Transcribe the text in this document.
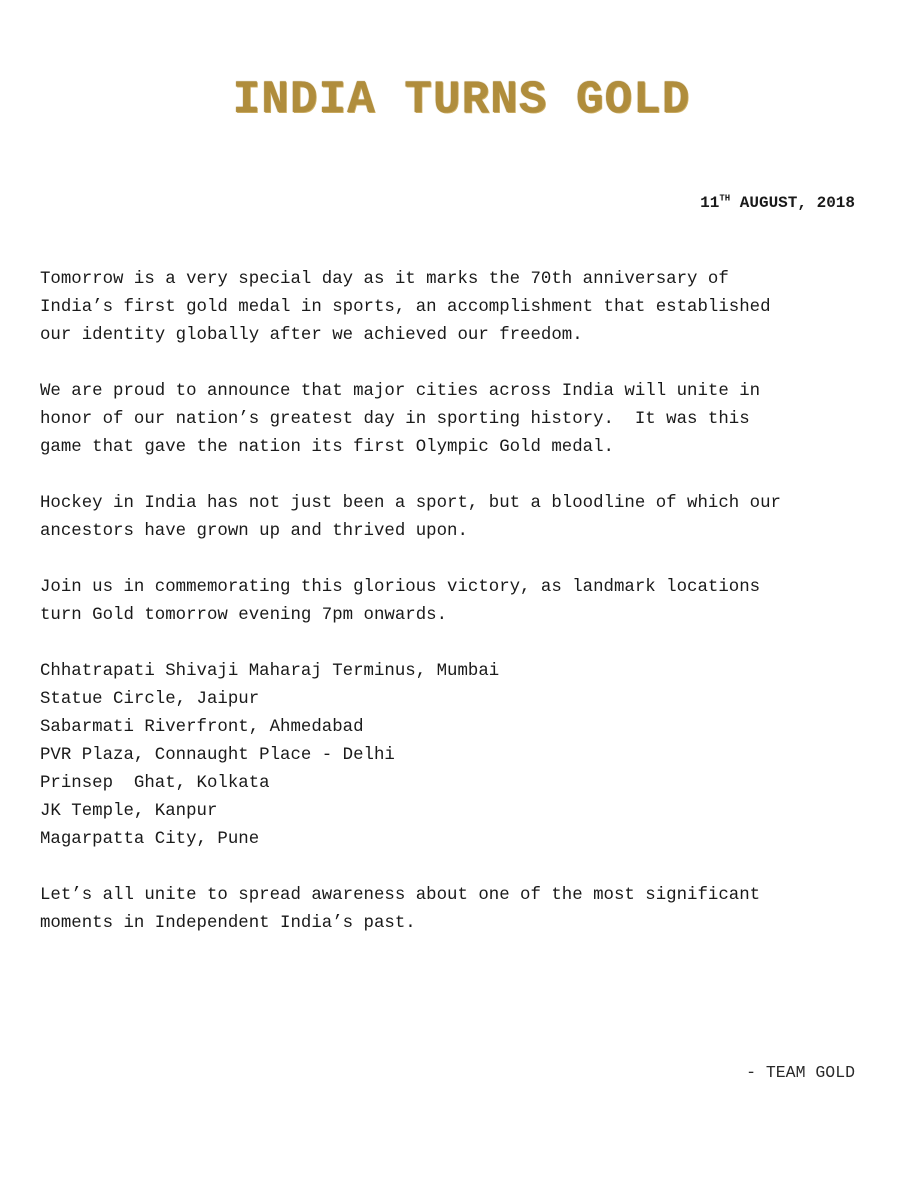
INDIA TURNS GOLD

11TH AUGUST, 2018

Tomorrow is a very special day as it marks the 70th anniversary of
India’s first gold medal in sports, an accomplishment that established
our identity globally after we achieved our freedom.

We are proud to announce that major cities across India will unite in
honor of our nation’s greatest day in sporting history.  It was this
game that gave the nation its first Olympic Gold medal.

Hockey in India has not just been a sport, but a bloodline of which our
ancestors have grown up and thrived upon.

Join us in commemorating this glorious victory, as landmark locations
turn Gold tomorrow evening 7pm onwards.

Chhatrapati Shivaji Maharaj Terminus, Mumbai
Statue Circle, Jaipur
Sabarmati Riverfront, Ahmedabad
PVR Plaza, Connaught Place - Delhi
Prinsep  Ghat, Kolkata
JK Temple, Kanpur
Magarpatta City, Pune

Let’s all unite to spread awareness about one of the most significant
moments in Independent India’s past.

- TEAM GOLD
